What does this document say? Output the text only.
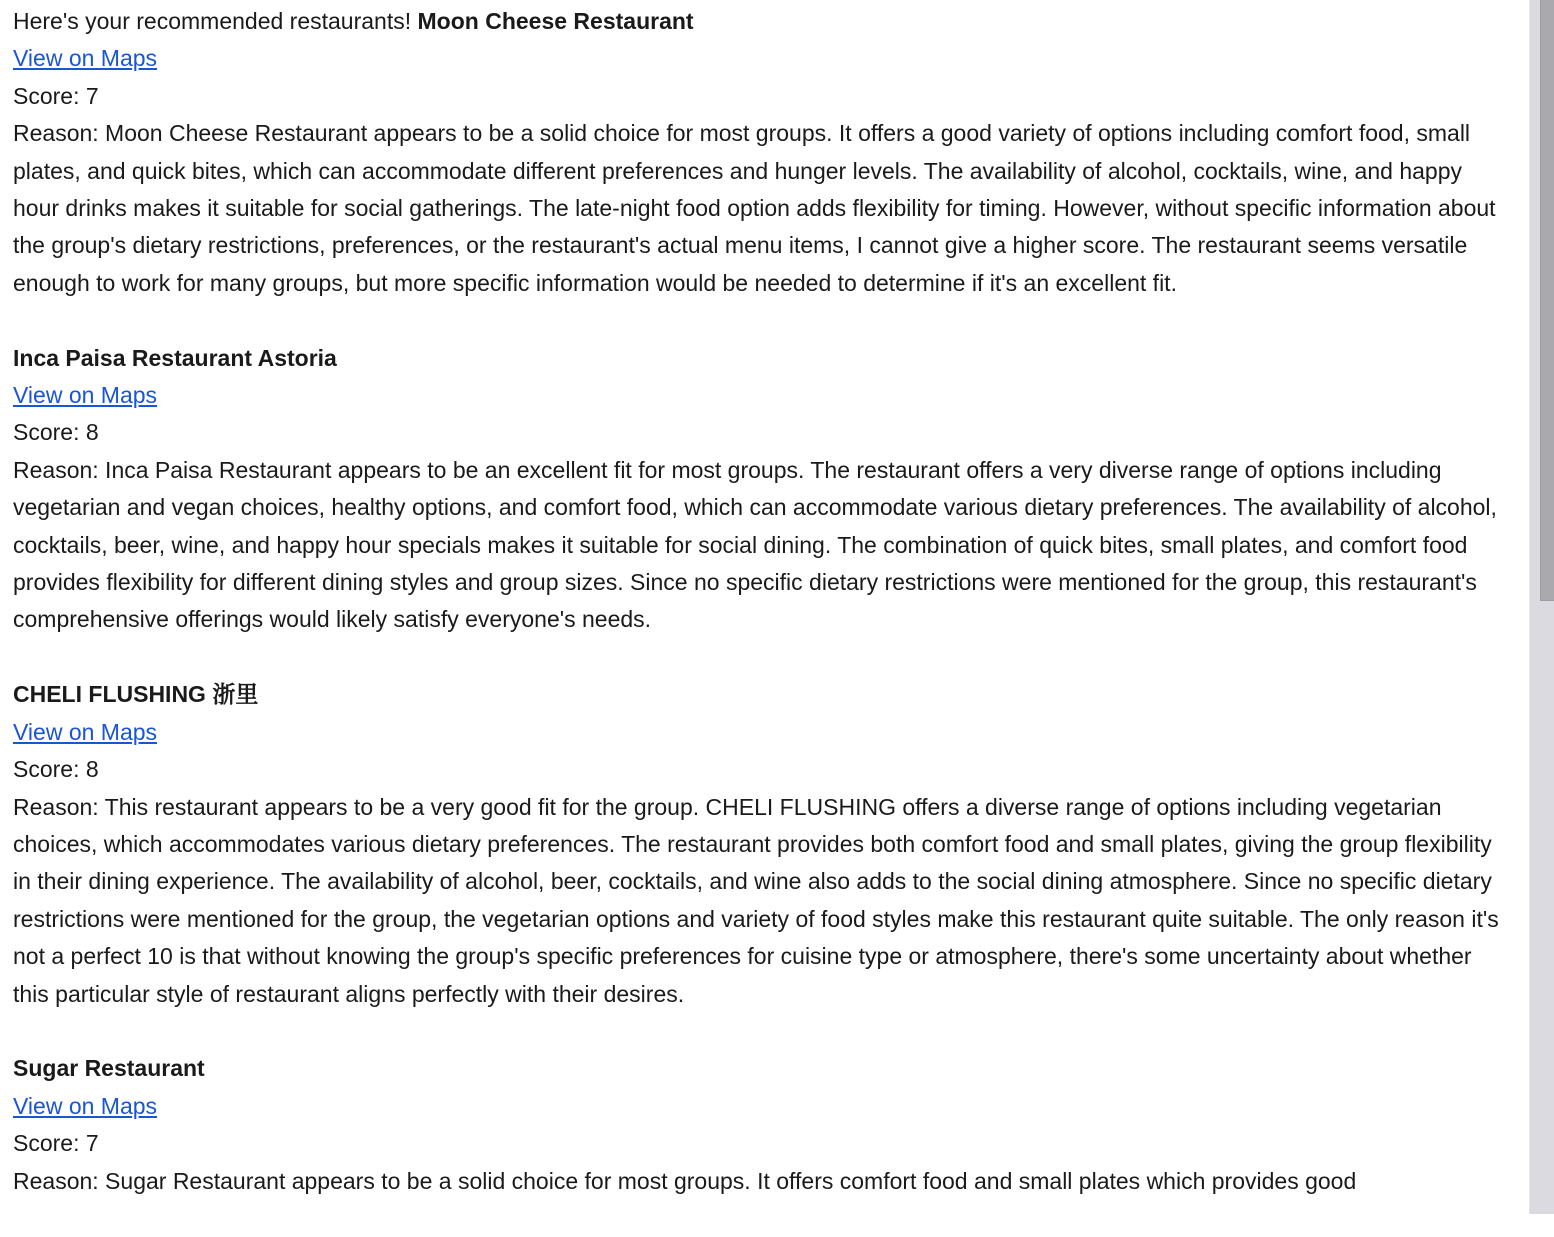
Here's your recommended restaurants! Moon Cheese Restaurant
View on Maps
Score: 7
Reason: Moon Cheese Restaurant appears to be a solid choice for most groups. It offers a good variety of options including comfort food, small plates, and quick bites, which can accommodate different preferences and hunger levels. The availability of alcohol, cocktails, wine, and happy hour drinks makes it suitable for social gatherings. The late-night food option adds flexibility for timing. However, without specific information about the group's dietary restrictions, preferences, or the restaurant's actual menu items, I cannot give a higher score. The restaurant seems versatile enough to work for many groups, but more specific information would be needed to determine if it's an excellent fit.
Inca Paisa Restaurant Astoria
View on Maps
Score: 8
Reason: Inca Paisa Restaurant appears to be an excellent fit for most groups. The restaurant offers a very diverse range of options including vegetarian and vegan choices, healthy options, and comfort food, which can accommodate various dietary preferences. The availability of alcohol, cocktails, beer, wine, and happy hour specials makes it suitable for social dining. The combination of quick bites, small plates, and comfort food provides flexibility for different dining styles and group sizes. Since no specific dietary restrictions were mentioned for the group, this restaurant's comprehensive offerings would likely satisfy everyone's needs.
CHELI FLUSHING 浙里
View on Maps
Score: 8
Reason: This restaurant appears to be a very good fit for the group. CHELI FLUSHING offers a diverse range of options including vegetarian choices, which accommodates various dietary preferences. The restaurant provides both comfort food and small plates, giving the group flexibility in their dining experience. The availability of alcohol, beer, cocktails, and wine also adds to the social dining atmosphere. Since no specific dietary restrictions were mentioned for the group, the vegetarian options and variety of food styles make this restaurant quite suitable. The only reason it's not a perfect 10 is that without knowing the group's specific preferences for cuisine type or atmosphere, there's some uncertainty about whether this particular style of restaurant aligns perfectly with their desires.
Sugar Restaurant
View on Maps
Score: 7
Reason: Sugar Restaurant appears to be a solid choice for most groups. It offers comfort food and small plates which provides good
